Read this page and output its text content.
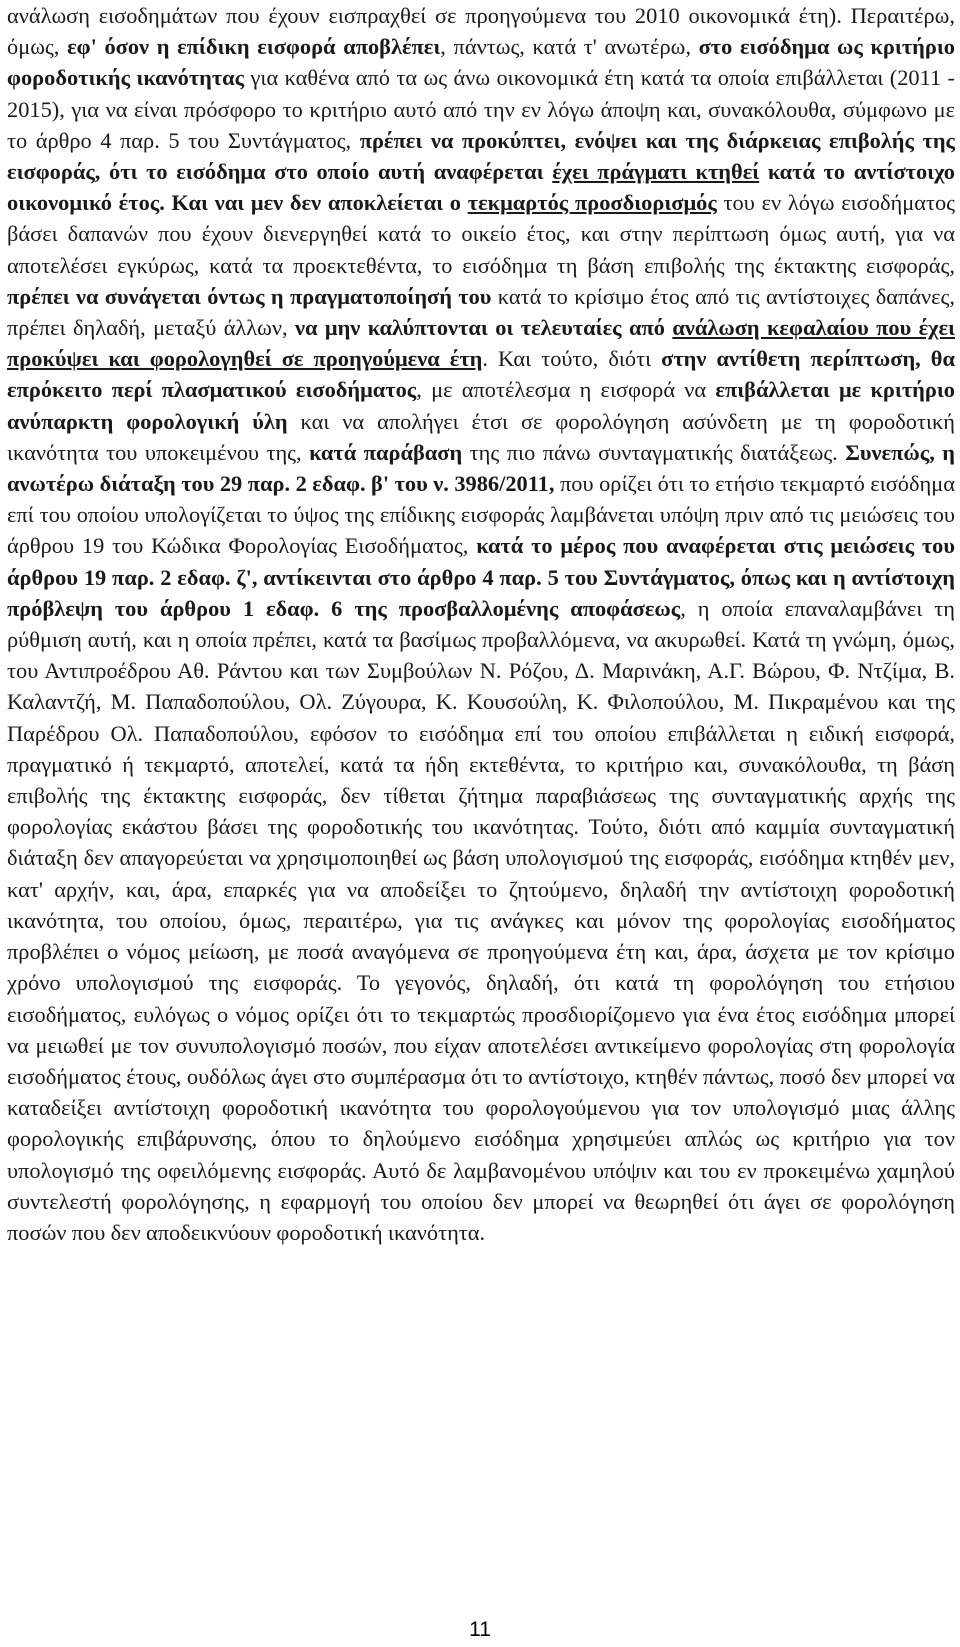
ανάλωση εισοδημάτων που έχουν εισπραχθεί σε προηγούμενα του 2010 οικονομικά έτη). Περαιτέρω, όμως, εφ' όσον η επίδικη εισφορά αποβλέπει, πάντως, κατά τ' ανωτέρω, στο εισόδημα ως κριτήριο φοροδοτικής ικανότητας για καθένα από τα ως άνω οικονομικά έτη κατά τα οποία επιβάλλεται (2011 - 2015), για να είναι πρόσφορο το κριτήριο αυτό από την εν λόγω άποψη και, συνακόλουθα, σύμφωνο με το άρθρο 4 παρ. 5 του Συντάγματος, πρέπει να προκύπτει, ενόψει και της διάρκειας επιβολής της εισφοράς, ότι το εισόδημα στο οποίο αυτή αναφέρεται έχει πράγματι κτηθεί κατά το αντίστοιχο οικονομικό έτος. Και ναι μεν δεν αποκλείεται ο τεκμαρτός προσδιορισμός του εν λόγω εισοδήματος βάσει δαπανών που έχουν διενεργηθεί κατά το οικείο έτος, και στην περίπτωση όμως αυτή, για να αποτελέσει εγκύρως, κατά τα προεκτεθέντα, το εισόδημα τη βάση επιβολής της έκτακτης εισφοράς, πρέπει να συνάγεται όντως η πραγματοποίησή του κατά το κρίσιμο έτος από τις αντίστοιχες δαπάνες, πρέπει δηλαδή, μεταξύ άλλων, να μην καλύπτονται οι τελευταίες από ανάλωση κεφαλαίου που έχει προκύψει και φορολογηθεί σε προηγούμενα έτη. Και τούτο, διότι στην αντίθετη περίπτωση, θα επρόκειτο περί πλασματικού εισοδήματος, με αποτέλεσμα η εισφορά να επιβάλλεται με κριτήριο ανύπαρκτη φορολογική ύλη και να απολήγει έτσι σε φορολόγηση ασύνδετη με τη φοροδοτική ικανότητα του υποκειμένου της, κατά παράβαση της πιο πάνω συνταγματικής διατάξεως. Συνεπώς, η ανωτέρω διάταξη του 29 παρ. 2 εδαφ. β' του ν. 3986/2011, που ορίζει ότι το ετήσιο τεκμαρτό εισόδημα επί του οποίου υπολογίζεται το ύψος της επίδικης εισφοράς λαμβάνεται υπόψη πριν από τις μειώσεις του άρθρου 19 του Κώδικα Φορολογίας Εισοδήματος, κατά το μέρος που αναφέρεται στις μειώσεις του άρθρου 19 παρ. 2 εδαφ. ζ', αντίκεινται στο άρθρο 4 παρ. 5 του Συντάγματος, όπως και η αντίστοιχη πρόβλεψη του άρθρου 1 εδαφ. 6 της προσβαλλομένης αποφάσεως, η οποία επαναλαμβάνει τη ρύθμιση αυτή, και η οποία πρέπει, κατά τα βασίμως προβαλλόμενα, να ακυρωθεί. Κατά τη γνώμη, όμως, του Αντιπροέδρου Αθ. Ράντου και των Συμβούλων Ν. Ρόζου, Δ. Μαρινάκη, Α.Γ. Βώρου, Φ. Ντζίμα, Β. Καλαντζή, Μ. Παπαδοπούλου, Ολ. Ζύγουρα, Κ. Κουσούλη, Κ. Φιλοπούλου, Μ. Πικραμένου και της Παρέδρου Ολ. Παπαδοπούλου, εφόσον το εισόδημα επί του οποίου επιβάλλεται η ειδική εισφορά, πραγματικό ή τεκμαρτό, αποτελεί, κατά τα ήδη εκτεθέντα, το κριτήριο και, συνακόλουθα, τη βάση επιβολής της έκτακτης εισφοράς, δεν τίθεται ζήτημα παραβιάσεως της συνταγματικής αρχής της φορολογίας εκάστου βάσει της φοροδοτικής του ικανότητας. Τούτο, διότι από καμμία συνταγματική διάταξη δεν απαγορεύεται να χρησιμοποιηθεί ως βάση υπολογισμού της εισφοράς, εισόδημα κτηθέν μεν, κατ' αρχήν, και, άρα, επαρκές για να αποδείξει το ζητούμενο, δηλαδή την αντίστοιχη φοροδοτική ικανότητα, του οποίου, όμως, περαιτέρω, για τις ανάγκες και μόνον της φορολογίας εισοδήματος προβλέπει ο νόμος μείωση, με ποσά αναγόμενα σε προηγούμενα έτη και, άρα, άσχετα με τον κρίσιμο χρόνο υπολογισμού της εισφοράς. Το γεγονός, δηλαδή, ότι κατά τη φορολόγηση του ετήσιου εισοδήματος, ευλόγως ο νόμος ορίζει ότι το τεκμαρτώς προσδιορίζομενο για ένα έτος εισόδημα μπορεί να μειωθεί με τον συνυπολογισμό ποσών, που είχαν αποτελέσει αντικείμενο φορολογίας στη φορολογία εισοδήματος έτους, ουδόλως άγει στο συμπέρασμα ότι το αντίστοιχο, κτηθέν πάντως, ποσό δεν μπορεί να καταδείξει αντίστοιχη φοροδοτική ικανότητα του φορολογούμενου για τον υπολογισμό μιας άλλης φορολογικής επιβάρυνσης, όπου το δηλούμενο εισόδημα χρησιμεύει απλώς ως κριτήριο για τον υπολογισμό της οφειλόμενης εισφοράς. Αυτό δε λαμβανομένου υπόψιν και του εν προκειμένω χαμηλού συντελεστή φορολόγησης, η εφαρμογή του οποίου δεν μπορεί να θεωρηθεί ότι άγει σε φορολόγηση ποσών που δεν αποδεικνύουν φοροδοτική ικανότητα.

11
